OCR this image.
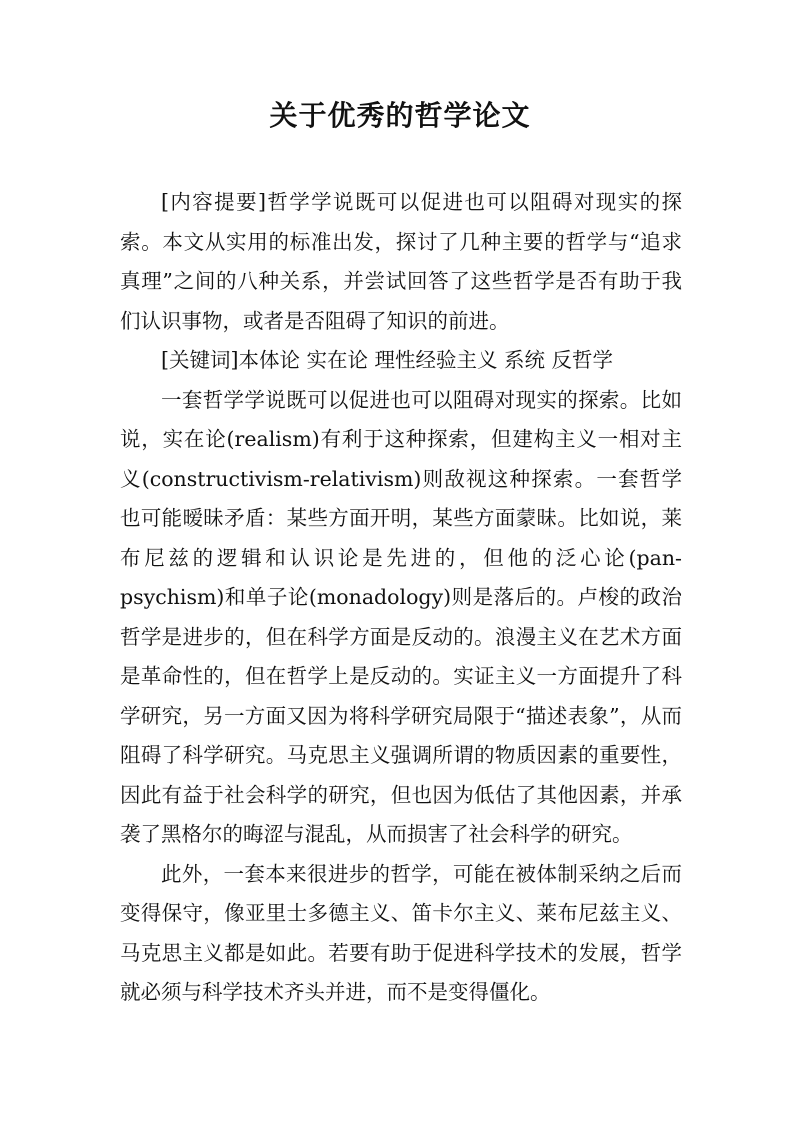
关于优秀的哲学论文

[内容提要]哲学学说既可以促进也可以阻碍对现实的探索。本文从实用的标准出发，探讨了几种主要的哲学与“追求真理”之间的八种关系，并尝试回答了这些哲学是否有助于我们认识事物，或者是否阻碍了知识的前进。

[关键词]本体论 实在论 理性经验主义 系统 反哲学

一套哲学学说既可以促进也可以阻碍对现实的探索。比如说，实在论(realism)有利于这种探索，但建构主义一相对主义(constructivism-relativism)则敌视这种探索。一套哲学也可能暧昧矛盾：某些方面开明，某些方面蒙昧。比如说，莱布尼兹的逻辑和认识论是先进的，但他的泛心论(pan-psychism)和单子论(monadology)则是落后的。卢梭的政治哲学是进步的，但在科学方面是反动的。浪漫主义在艺术方面是革命性的，但在哲学上是反动的。实证主义一方面提升了科学研究，另一方面又因为将科学研究局限于“描述表象”，从而阻碍了科学研究。马克思主义强调所谓的物质因素的重要性，因此有益于社会科学的研究，但也因为低估了其他因素，并承袭了黑格尔的晦涩与混乱，从而损害了社会科学的研究。

此外，一套本来很进步的哲学，可能在被体制采纳之后而变得保守，像亚里士多德主义、笛卡尔主义、莱布尼兹主义、马克思主义都是如此。若要有助于促进科学技术的发展，哲学就必须与科学技术齐头并进，而不是变得僵化。
